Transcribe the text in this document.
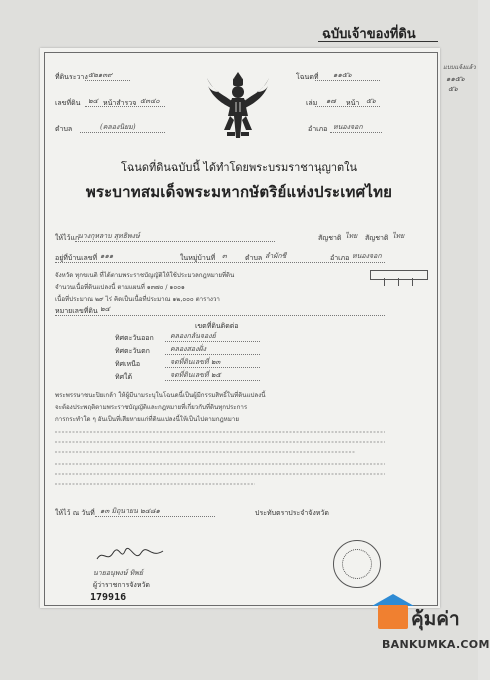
ฉบับเจ้าของที่ดิน
แบบแจ้งแล้ว
๑๑๕๖
๕๖
ที่ดินระวาง ๕๒๑๓๙
เลขที่ดิน ๒๔ หน้าสำรวจ ๕๓๔๐
ตำบล	(คลองนิยม)
โฉนดที่ ๑๑๕๖
เล่ม ๑๗ หน้า ๕๖
อำเภอ หนองจอก
โฉนดที่ดินฉบับนี้ ได้ทำโดยพระบรมราชานุญาตใน
พระบาทสมเด็จพระมหากษัตริย์แห่งประเทศไทย
ให้ไว้แก่
นางกุหลาบ สุทธิพงษ์	สัญชาติ ไทย สัญชาติ ไทย
อยู่ที่บ้านเลขที่ ๑๑๑	ในหมู่บ้านที่ ๓	ตำบล ลำผักชี	อำเภอ หนองจอก
จังหวัด ทุกขเนติ ที่ได้ตามพระราชบัญญัติให้ใช้ประมวลกฎหมายที่ดิน
จำนวนเนื้อที่ดินแปลงนี้ ตามแผนที่ ๑๓๗๐ / ๑๐๐๑
เนื้อที่ประมาณ ๒๙ ไร่ คิดเป็นเนื้อที่ประมาณ ๑๒,๐๐๐ ตารางวา
หมายเลขที่ดิน ๒๔
เขตที่ดินติดต่อ
ทิศตะวันออก คลองกลันจองย์
ทิศตะวันตก	คลองสองฝั่ง
ทิศเหนือ	จดที่ดินเลขที่ ๒๓
ทิศใต้	จดที่ดินเลขที่ ๒๕
พระพรรษาชนะปิยเกล้า ให้ผู้มีนามระบุในโฉนดนี้เป็นผู้มีกรรมสิทธิ์ในที่ดินแปลงนี้
จะต้องประพฤติตามพระราชบัญญัติและกฎหมายที่เกี่ยวกับที่ดินทุกประการ
การกระทำใด ๆ อันเป็นที่เสียหายแก่ที่ดินแปลงนี้ให้เป็นไปตามกฎหมาย
ให้ไว้ ณ วันที่ ๑๓ มิถุนายน ๒๔๘๑	ประทับตราประจำจังหวัด
นายอนุพงษ์ ทิพย์
ผู้ว่าราชการจังหวัด
179916
คุ้มค่า
BANKUMKA.COM
